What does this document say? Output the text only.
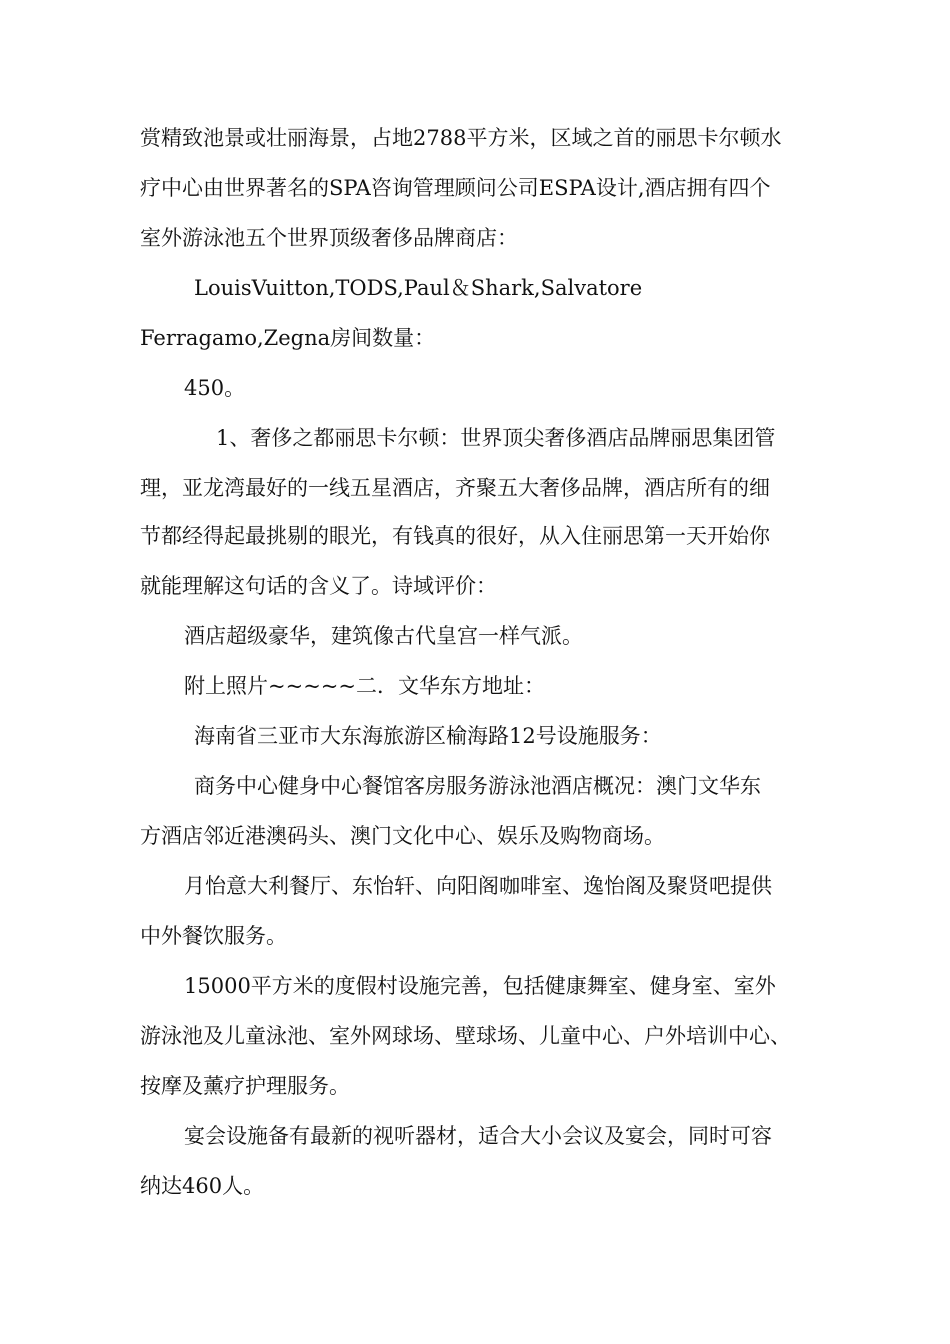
赏精致池景或壮丽海景，占地2788平方米，区域之首的丽思卡尔顿水
疗中心由世界著名的SPA咨询管理顾问公司ESPA设计,酒店拥有四个
室外游泳池五个世界顶级奢侈品牌商店：
LouisVuitton,TODS,Paul＆Shark,Salvatore
Ferragamo,Zegna房间数量：
450。
1、奢侈之都丽思卡尔顿：世界顶尖奢侈酒店品牌丽思集团管
理，亚龙湾最好的一线五星酒店，齐聚五大奢侈品牌，酒店所有的细
节都经得起最挑剔的眼光，有钱真的很好，从入住丽思第一天开始你
就能理解这句话的含义了。诗域评价：
酒店超级豪华，建筑像古代皇宫一样气派。
附上照片~~~~~二．文华东方地址：
海南省三亚市大东海旅游区榆海路12号设施服务：
商务中心健身中心餐馆客房服务游泳池酒店概况：澳门文华东
方酒店邻近港澳码头、澳门文化中心、娱乐及购物商场。
月怡意大利餐厅、东怡轩、向阳阁咖啡室、逸怡阁及聚贤吧提供
中外餐饮服务。
15000平方米的度假村设施完善，包括健康舞室、健身室、室外
游泳池及儿童泳池、室外网球场、壁球场、儿童中心、户外培训中心、
按摩及薰疗护理服务。
宴会设施备有最新的视听器材，适合大小会议及宴会，同时可容
纳达460人。
